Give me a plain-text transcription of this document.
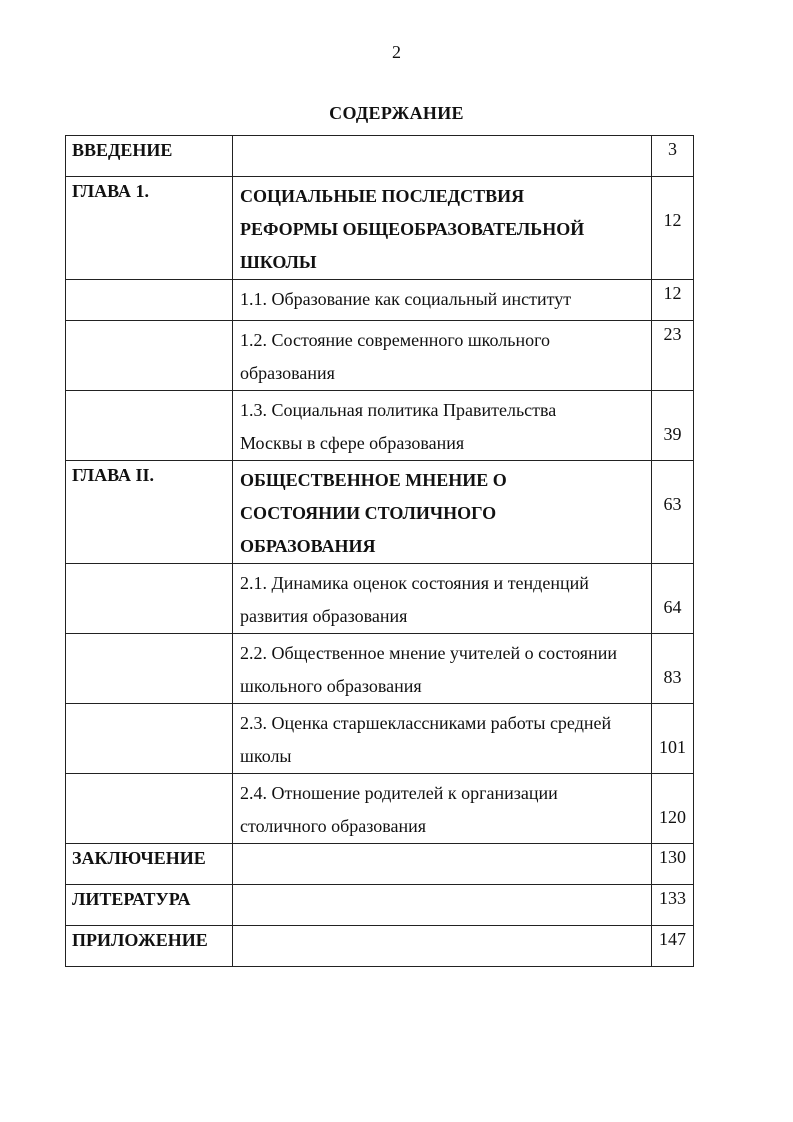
2
СОДЕРЖАНИЕ
ВВЕДЕНИЕ		3

ГЛАВА 1.	СОЦИАЛЬНЫЕ ПОСЛЕДСТВИЯ
РЕФОРМЫ ОБЩЕОБРАЗОВАТЕЛЬНОЙ
ШКОЛЫ	12

	1.1. Образование как социальный институт	12

	1.2. Состояние современного школьного
образования	23

	1.3. Социальная политика Правительства
Москвы в сфере образования	39

ГЛАВА II.	ОБЩЕСТВЕННОЕ МНЕНИЕ О
СОСТОЯНИИ СТОЛИЧНОГО
ОБРАЗОВАНИЯ	63

	2.1. Динамика оценок состояния и тенденций
развития образования	64

	2.2. Общественное мнение учителей о состоянии
школьного образования	83

	2.3. Оценка старшеклассниками работы средней
школы	101

	2.4. Отношение родителей к организации
столичного образования	120

ЗАКЛЮЧЕНИЕ		130

ЛИТЕРАТУРА		133

ПРИЛОЖЕНИЕ		147
